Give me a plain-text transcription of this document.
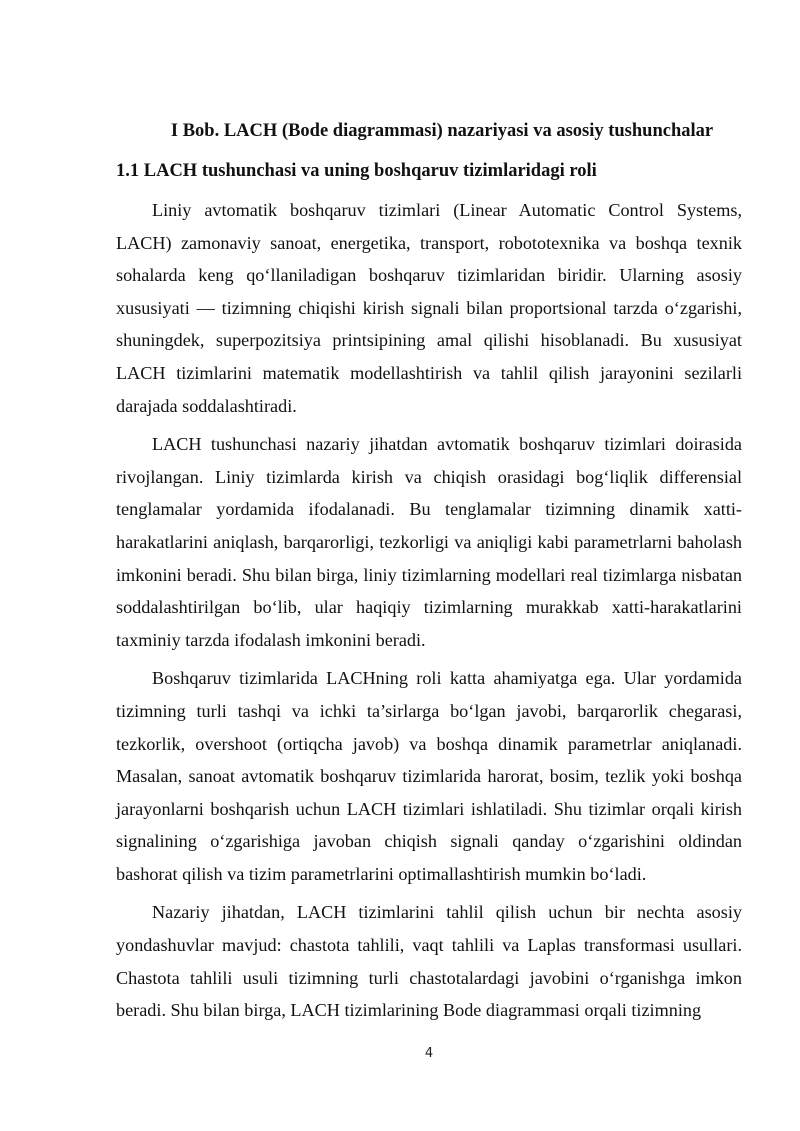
I Bob. LACH (Bode diagrammasi) nazariyasi va asosiy tushunchalar
1.1 LACH tushunchasi va uning boshqaruv tizimlaridagi roli

Liniy avtomatik boshqaruv tizimlari (Linear Automatic Control Systems, LACH) zamonaviy sanoat, energetika, transport, robototexnika va boshqa texnik sohalarda keng qo‘llaniladigan boshqaruv tizimlaridan biridir. Ularning asosiy xususiyati — tizimning chiqishi kirish signali bilan proportsional tarzda o‘zgarishi, shuningdek, superpozitsiya printsipining amal qilishi hisoblanadi. Bu xususiyat LACH tizimlarini matematik modellashtirish va tahlil qilish jarayonini sezilarli darajada soddalashtiradi.

LACH tushunchasi nazariy jihatdan avtomatik boshqaruv tizimlari doirasida rivojlangan. Liniy tizimlarda kirish va chiqish orasidagi bog‘liqlik differensial tenglamalar yordamida ifodalanadi. Bu tenglamalar tizimning dinamik xatti-harakatlarini aniqlash, barqarorligi, tezkorligi va aniqligi kabi parametrlarni baholash imkonini beradi. Shu bilan birga, liniy tizimlarning modellari real tizimlarga nisbatan soddalashtirilgan bo‘lib, ular haqiqiy tizimlarning murakkab xatti-harakatlarini taxminiy tarzda ifodalash imkonini beradi.

Boshqaruv tizimlarida LACHning roli katta ahamiyatga ega. Ular yordamida tizimning turli tashqi va ichki ta’sirlarga bo‘lgan javobi, barqarorlik chegarasi, tezkorlik, overshoot (ortiqcha javob) va boshqa dinamik parametrlar aniqlanadi. Masalan, sanoat avtomatik boshqaruv tizimlarida harorat, bosim, tezlik yoki boshqa jarayonlarni boshqarish uchun LACH tizimlari ishlatiladi. Shu tizimlar orqali kirish signalining o‘zgarishiga javoban chiqish signali qanday o‘zgarishini oldindan bashorat qilish va tizim parametrlarini optimallashtirish mumkin bo‘ladi.

Nazariy jihatdan, LACH tizimlarini tahlil qilish uchun bir nechta asosiy yondashuvlar mavjud: chastota tahlili, vaqt tahlili va Laplas transformasi usullari. Chastota tahlili usuli tizimning turli chastotalardagi javobini o‘rganishga imkon beradi. Shu bilan birga, LACH tizimlarining Bode diagrammasi orqali tizimning

4
